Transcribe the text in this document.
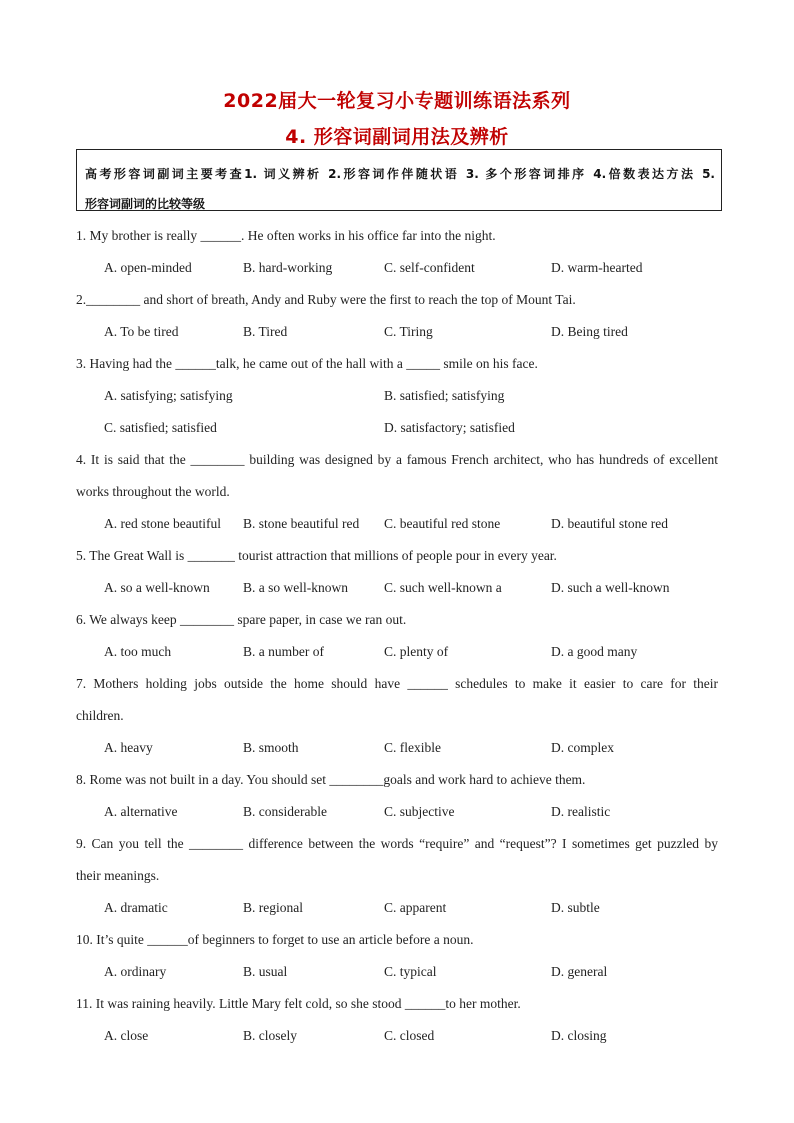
2022届大一轮复习小专题训练语法系列
4. 形容词副词用法及辨析
高考形容词副词主要考查1. 词义辨析 2.形容词作伴随状语 3. 多个形容词排序 4.倍数表达方法 5.
形容词副词的比较等级
1. My brother is really ______. He often works in his office far into the night.
A. open-minded	B. hard-working	C. self-confident	D. warm-hearted
2.________ and short of breath, Andy and Ruby were the first to reach the top of Mount Tai.
A. To be tired	B. Tired	C. Tiring	D. Being tired
3. Having had the ______talk, he came out of the hall with a _____ smile on his face.
A. satisfying; satisfying	B. satisfied; satisfying
C. satisfied; satisfied	D. satisfactory; satisfied
4. It is said that the ________ building was designed by a famous French architect, who has hundreds of excellent
works throughout the world.
A. red stone beautiful B. stone beautiful red C. beautiful red stone	D. beautiful stone red
5. The Great Wall is _______ tourist attraction that millions of people pour in every year.
A. so a well-known B. a so well-known	C. such well-known a	D. such a well-known
6. We always keep ________ spare paper, in case we ran out.
A. too much	B. a number of	C. plenty of	D. a good many
7. Mothers holding jobs outside the home should have ______ schedules to make it easier to care for their
children.
A. heavy	B. smooth	C. flexible	D. complex
8. Rome was not built in a day. You should set ________goals and work hard to achieve them.
A. alternative	B. considerable	C. subjective	D. realistic
9. Can you tell the ________ difference between the words “require” and “request”? I sometimes get puzzled by
their meanings.
A. dramatic	B. regional	C. apparent	D. subtle
10. It’s quite ______of beginners to forget to use an article before a noun.
A. ordinary	B. usual	C. typical	D. general
11. It was raining heavily. Little Mary felt cold, so she stood ______to her mother.
A. close	B. closely	C. closed	D. closing
